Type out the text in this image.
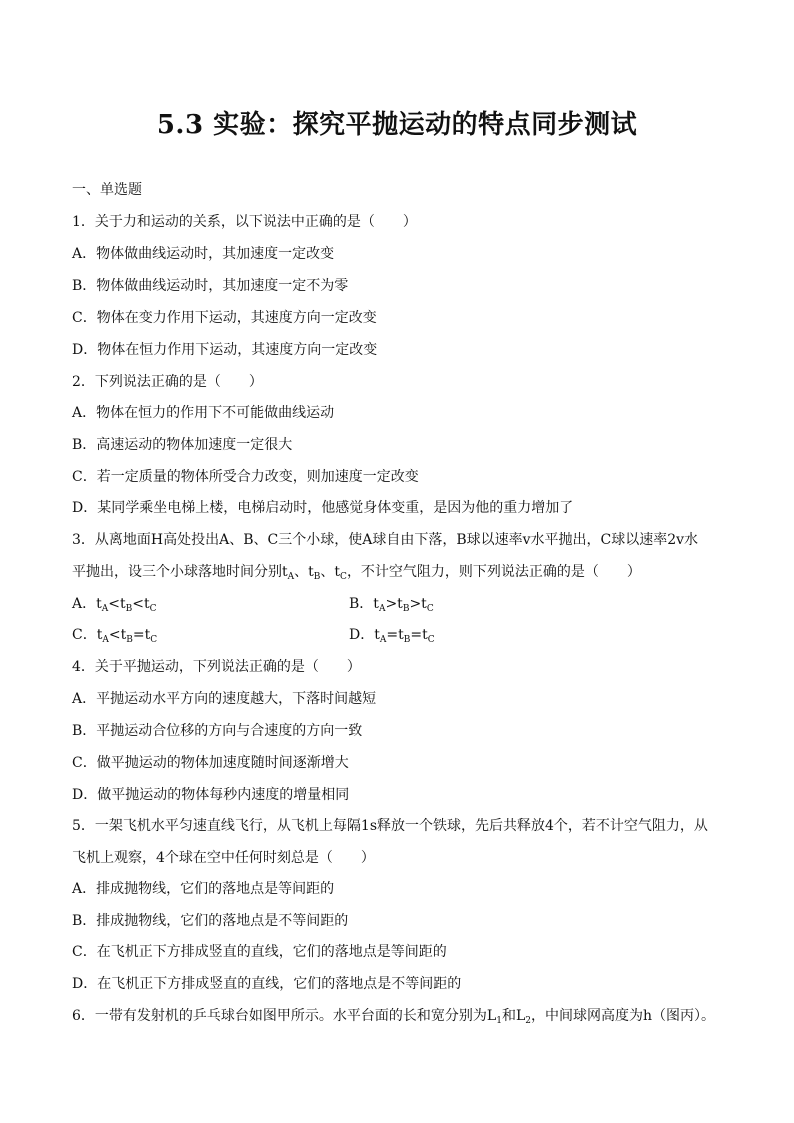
5.3 实验：探究平抛运动的特点同步测试
一、单选题
1．关于力和运动的关系，以下说法中正确的是（　　）
A．物体做曲线运动时，其加速度一定改变
B．物体做曲线运动时，其加速度一定不为零
C．物体在变力作用下运动，其速度方向一定改变
D．物体在恒力作用下运动，其速度方向一定改变
2．下列说法正确的是（　　）
A．物体在恒力的作用下不可能做曲线运动
B．高速运动的物体加速度一定很大
C．若一定质量的物体所受合力改变，则加速度一定改变
D．某同学乘坐电梯上楼，电梯启动时，他感觉身体变重，是因为他的重力增加了
3．从离地面H高处投出A、B、C三个小球，使A球自由下落，B球以速率v水平抛出，C球以速率2v水
平抛出，设三个小球落地时间分别$t_A$、$t_B$、$t_C$，不计空气阻力，则下列说法正确的是（　　）
A．$t_A<t_B<t_C$	B．$t_A>t_B>t_C$
C．$t_A<t_B=t_C$	D．$t_A=t_B=t_C$
4．关于平抛运动，下列说法正确的是（　　）
A．平抛运动水平方向的速度越大，下落时间越短
B．平抛运动合位移的方向与合速度的方向一致
C．做平抛运动的物体加速度随时间逐渐增大
D．做平抛运动的物体每秒内速度的增量相同
5．一架飞机水平匀速直线飞行，从飞机上每隔1s释放一个铁球，先后共释放4个，若不计空气阻力，从
飞机上观察，4个球在空中任何时刻总是（　　）
A．排成抛物线，它们的落地点是等间距的
B．排成抛物线，它们的落地点是不等间距的
C．在飞机正下方排成竖直的直线，它们的落地点是等间距的
D．在飞机正下方排成竖直的直线，它们的落地点是不等间距的
6．一带有发射机的乒乓球台如图甲所示。水平台面的长和宽分别为$L_1$和$L_2$，中间球网高度为h（图丙）。
